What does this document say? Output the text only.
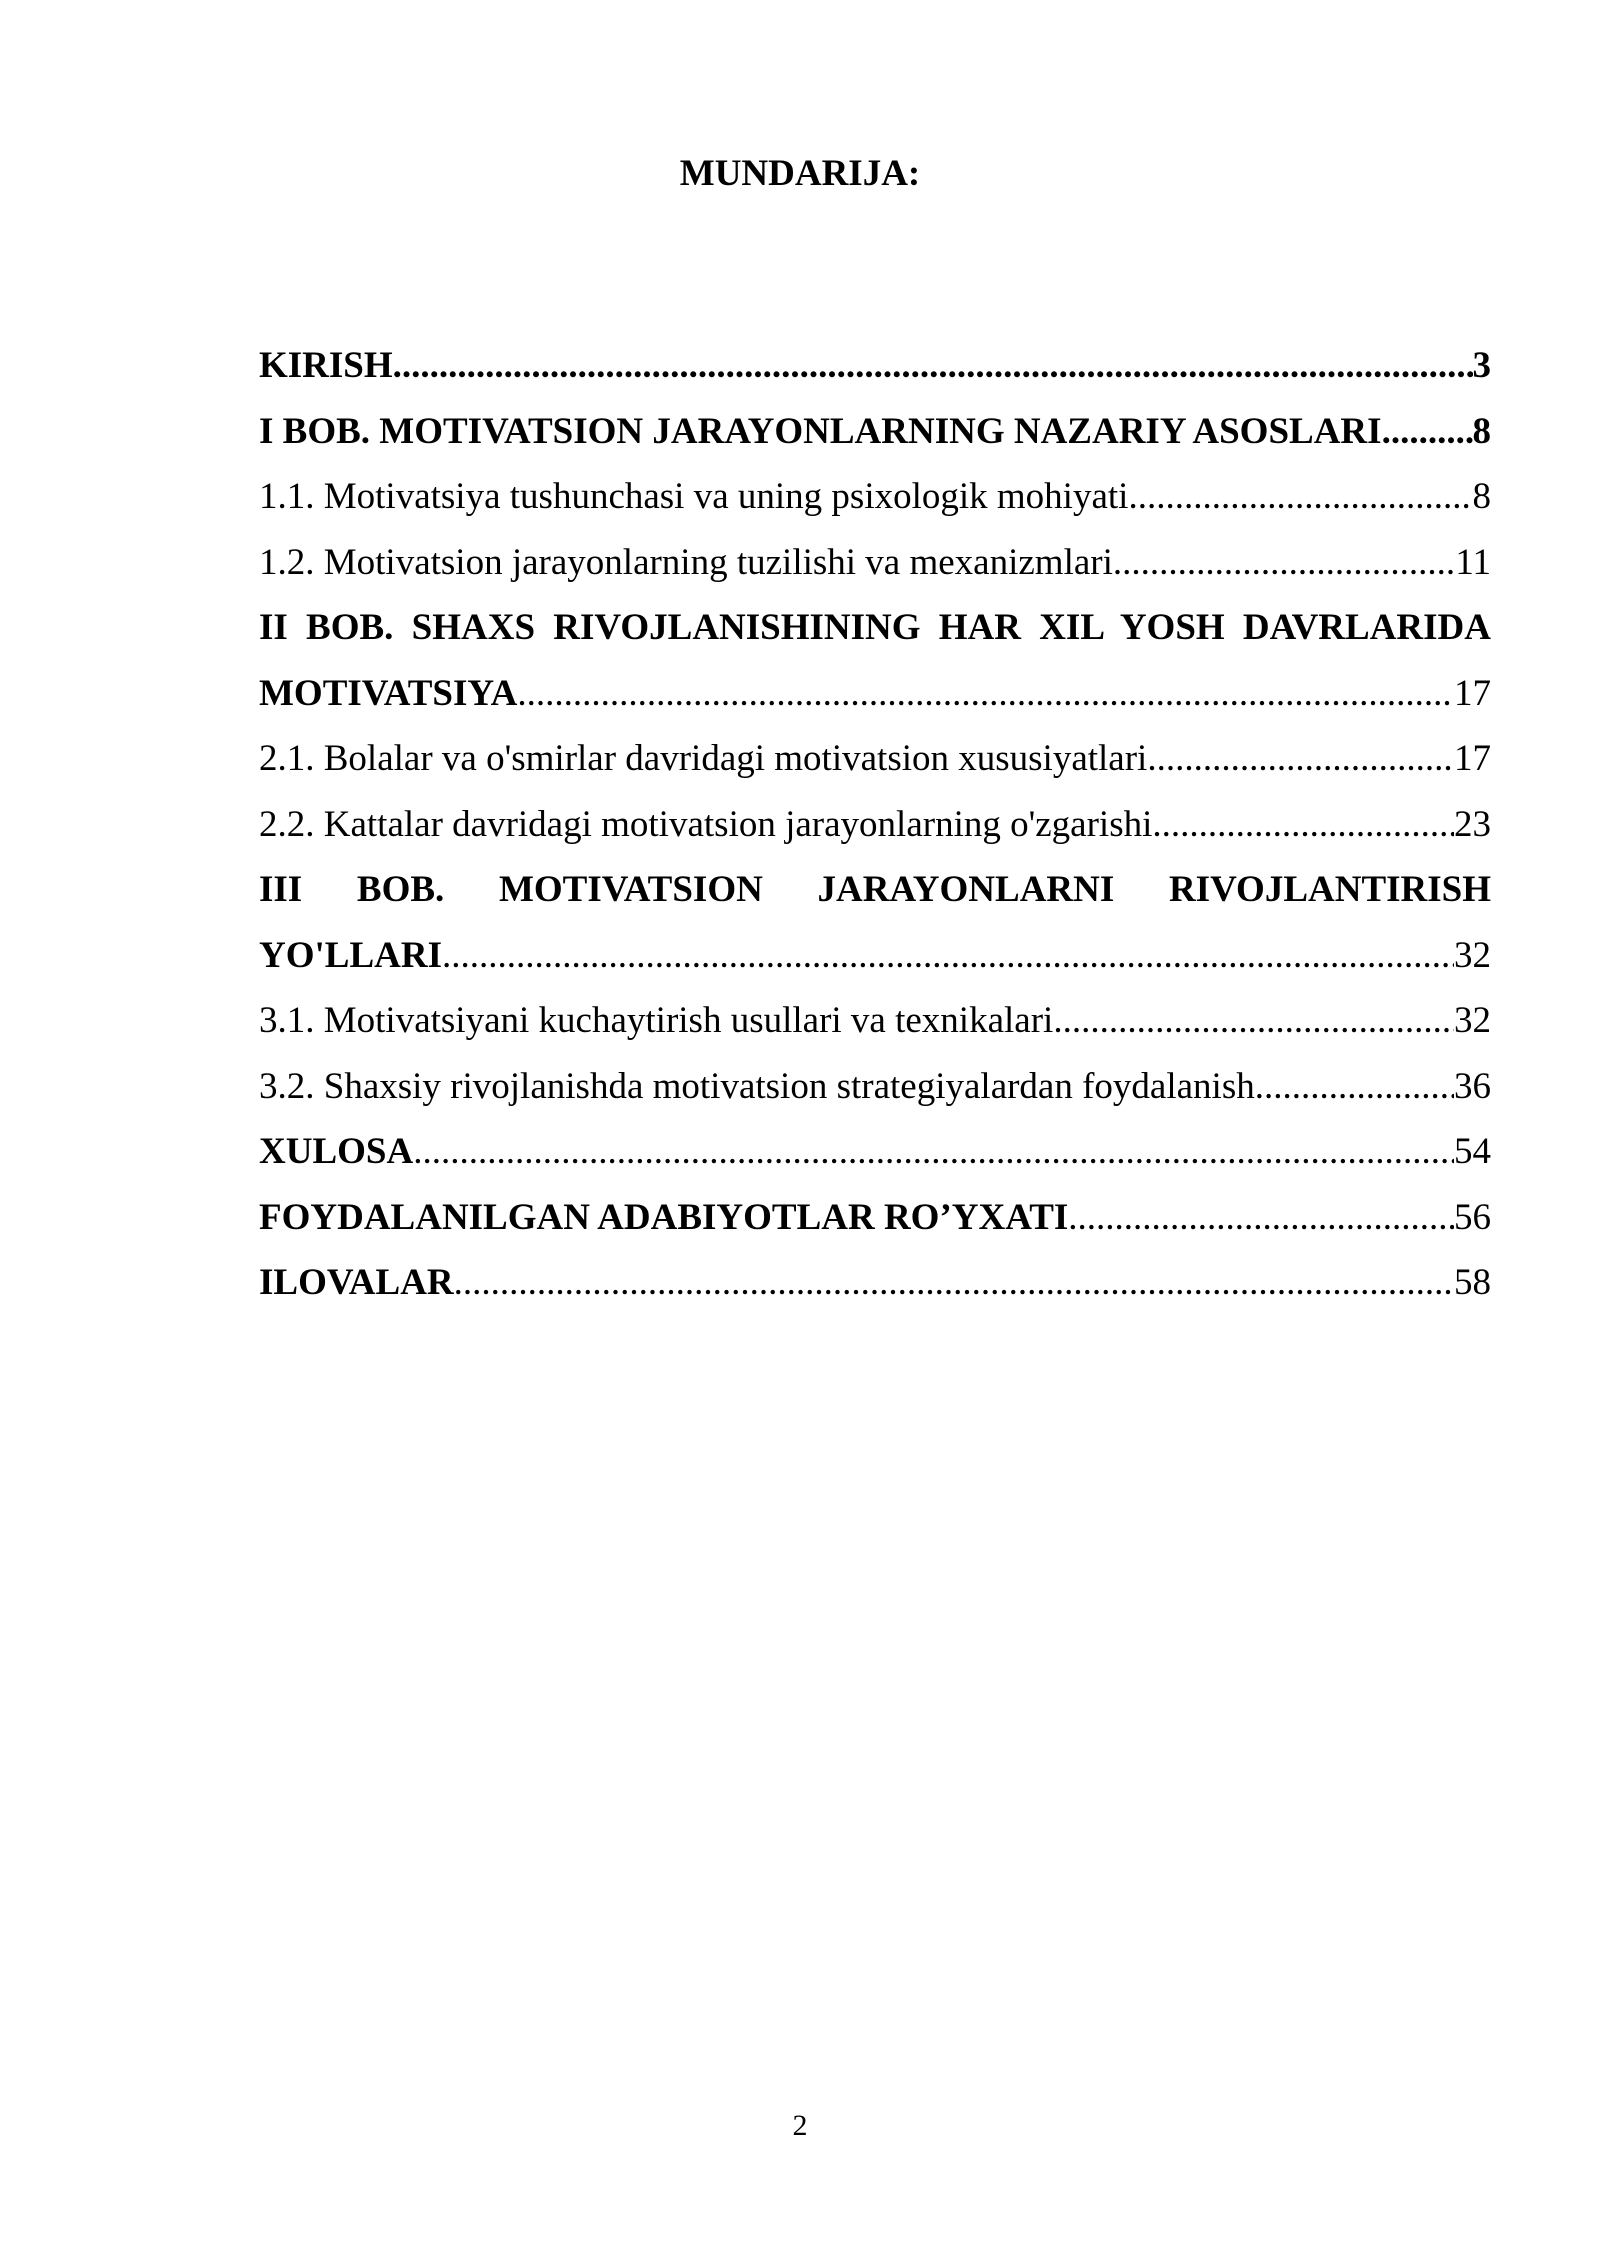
MUNDARIJA:
KIRISH .....	3
I BOB. MOTIVATSION JARAYONLARNING NAZARIY ASOSLARI ..... 8
1.1. Motivatsiya tushunchasi va uning psixologik mohiyati .....	8
1.2. Motivatsion jarayonlarning tuzilishi va mexanizmlari .....	11
II BOB. SHAXS RIVOJLANISHINING HAR XIL YOSH DAVRLARIDA
MOTIVATSIYA .....	17
2.1. Bolalar va o'smirlar davridagi motivatsion xususiyatlari .....	17
2.2. Kattalar davridagi motivatsion jarayonlarning o'zgarishi .....	23
III BOB. MOTIVATSION JARAYONLARNI RIVOJLANTIRISH
YO'LLARI .....	32
3.1. Motivatsiyani kuchaytirish usullari va texnikalari .....	32
3.2. Shaxsiy rivojlanishda motivatsion strategiyalardan foydalanish .....	36
XULOSA .....	54
FOYDALANILGAN ADABIYOTLAR RO’YXATI .....	56
ILOVALAR .....	58
2
